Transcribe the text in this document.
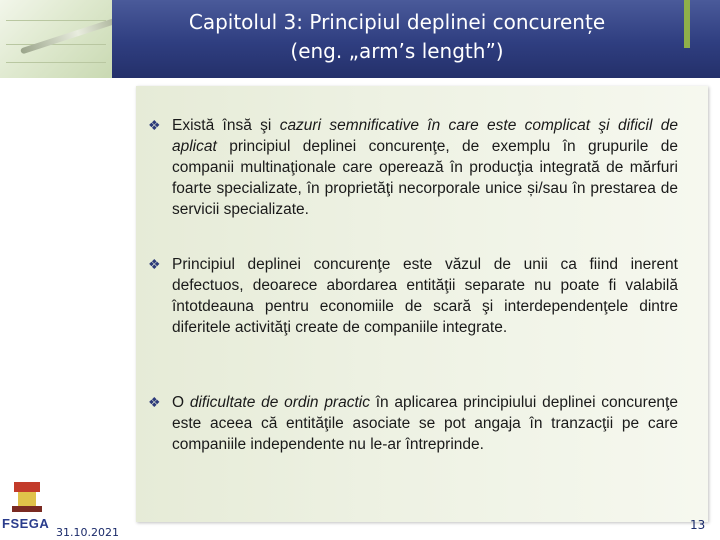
Capitolul 3: Principiul deplinei concurențe
(eng. „arm’s length”)
❖ Există însă şi cazuri semnificative în care este complicat şi dificil de aplicat principiul deplinei concurenţe, de exemplu în grupurile de companii multinaţionale care operează în producţia integrată de mărfuri foarte specializate, în proprietăţi necorporale unice și/sau în prestarea de servicii specializate.
❖ Principiul deplinei concurenţe este văzul de unii ca fiind inerent defectuos, deoarece abordarea entităţii separate nu poate fi valabilă întotdeauna pentru economiile de scară şi interdependenţele dintre diferitele activităţi create de companiile integrate.
❖ O dificultate de ordin practic în aplicarea principiului deplinei concurenţe este aceea că entităţile asociate se pot angaja în tranzacţii pe care companiile independente nu le-ar întreprinde.
FSEGA
31.10.2021
13
